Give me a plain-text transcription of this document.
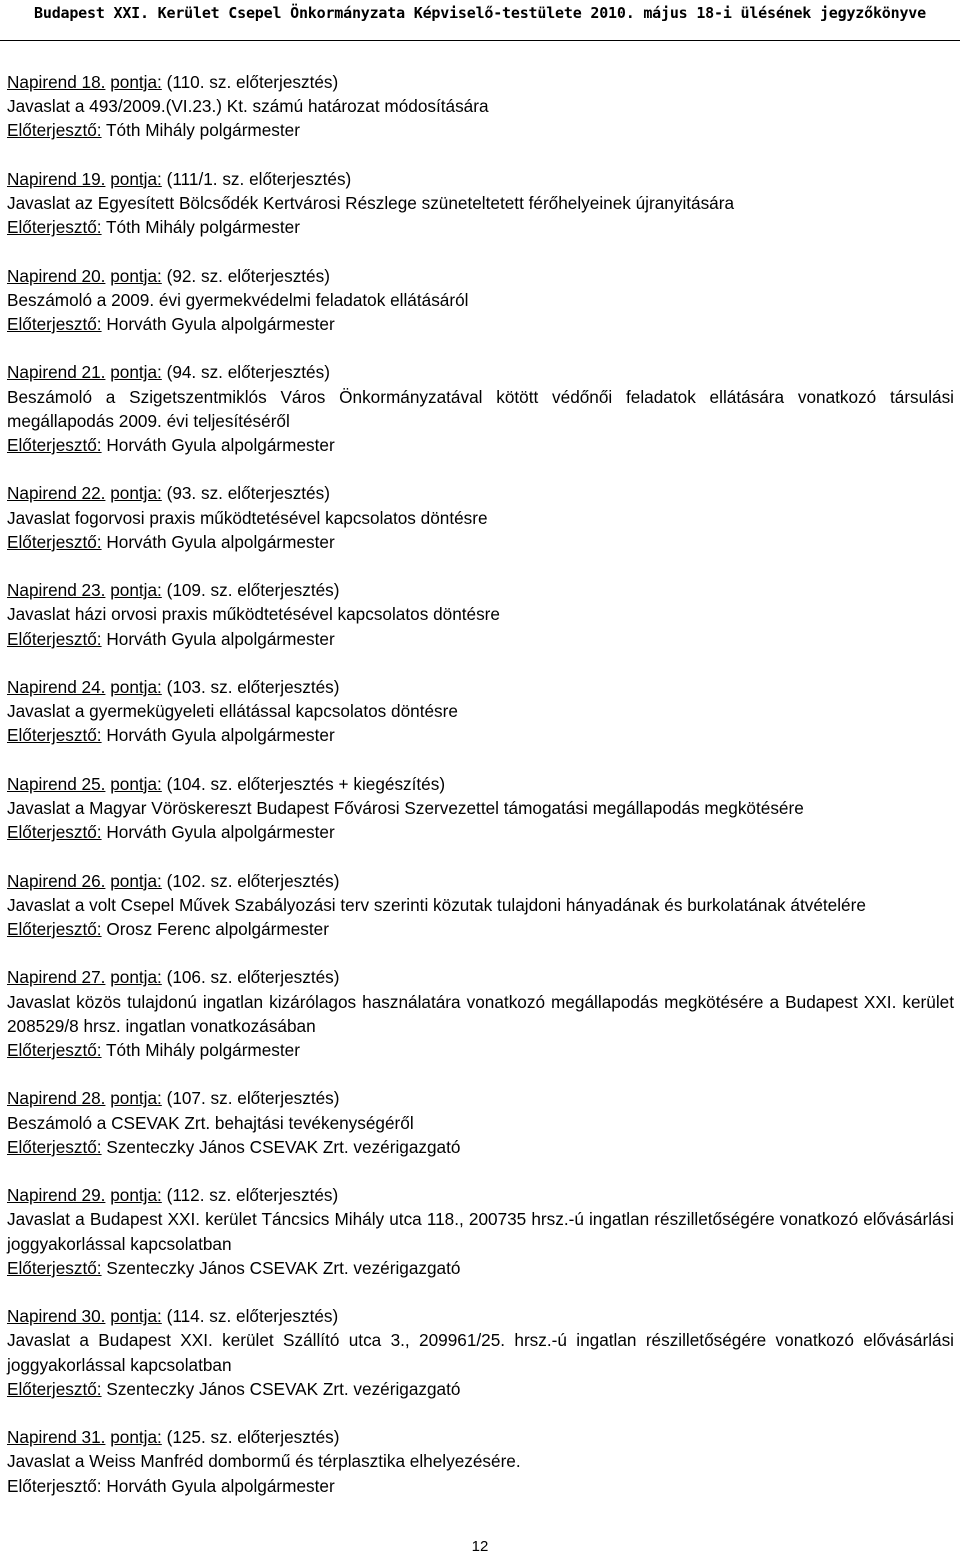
Budapest XXI. Kerület Csepel Önkormányzata Képviselő-testülete 2010. május 18-i ülésének jegyzőkönyve
Napirend 18. pontja: (110. sz. előterjesztés)
Javaslat a 493/2009.(VI.23.) Kt. számú határozat módosítására
Előterjesztő: Tóth Mihály polgármester
Napirend 19. pontja: (111/1. sz. előterjesztés)
Javaslat az Egyesített Bölcsődék Kertvárosi Részlege szüneteltetett férőhelyeinek újranyitására
Előterjesztő: Tóth Mihály polgármester
Napirend 20. pontja: (92. sz. előterjesztés)
Beszámoló a 2009. évi gyermekvédelmi feladatok ellátásáról
Előterjesztő: Horváth Gyula alpolgármester
Napirend 21. pontja: (94. sz. előterjesztés)
Beszámoló a Szigetszentmiklós Város Önkormányzatával kötött védőnői feladatok ellátására vonatkozó társulási megállapodás 2009. évi teljesítéséről
Előterjesztő: Horváth Gyula alpolgármester
Napirend 22. pontja: (93. sz. előterjesztés)
Javaslat fogorvosi praxis működtetésével kapcsolatos döntésre
Előterjesztő: Horváth Gyula alpolgármester
Napirend 23. pontja: (109. sz. előterjesztés)
Javaslat házi orvosi praxis működtetésével kapcsolatos döntésre
Előterjesztő: Horváth Gyula alpolgármester
Napirend 24. pontja: (103. sz. előterjesztés)
Javaslat a gyermekügyeleti ellátással kapcsolatos döntésre
Előterjesztő: Horváth Gyula alpolgármester
Napirend 25. pontja: (104. sz. előterjesztés + kiegészítés)
Javaslat a Magyar Vöröskereszt Budapest Fővárosi Szervezettel támogatási megállapodás megkötésére
Előterjesztő: Horváth Gyula alpolgármester
Napirend 26. pontja: (102. sz. előterjesztés)
Javaslat a volt Csepel Művek Szabályozási terv szerinti közutak tulajdoni hányadának és burkolatának átvételére
Előterjesztő: Orosz Ferenc alpolgármester
Napirend 27. pontja: (106. sz. előterjesztés)
Javaslat közös tulajdonú ingatlan kizárólagos használatára vonatkozó megállapodás megkötésére a Budapest XXI. kerület 208529/8 hrsz. ingatlan vonatkozásában
Előterjesztő: Tóth Mihály polgármester
Napirend 28. pontja: (107. sz. előterjesztés)
Beszámoló a CSEVAK Zrt. behajtási tevékenységéről
Előterjesztő: Szenteczky János CSEVAK Zrt. vezérigazgató
Napirend 29. pontja: (112. sz. előterjesztés)
Javaslat a Budapest XXI. kerület Táncsics Mihály utca 118., 200735 hrsz.-ú ingatlan részilletőségére vonatkozó elővásárlási joggyakorlással kapcsolatban
Előterjesztő: Szenteczky János CSEVAK Zrt. vezérigazgató
Napirend 30. pontja: (114. sz. előterjesztés)
Javaslat a Budapest XXI. kerület Szállító utca 3., 209961/25. hrsz.-ú ingatlan részilletőségére vonatkozó elővásárlási joggyakorlással kapcsolatban
Előterjesztő: Szenteczky János CSEVAK Zrt. vezérigazgató
Napirend 31. pontja: (125. sz. előterjesztés)
Javaslat a Weiss Manfréd dombormű és térplasztika elhelyezésére.
Előterjesztő: Horváth Gyula alpolgármester
12
